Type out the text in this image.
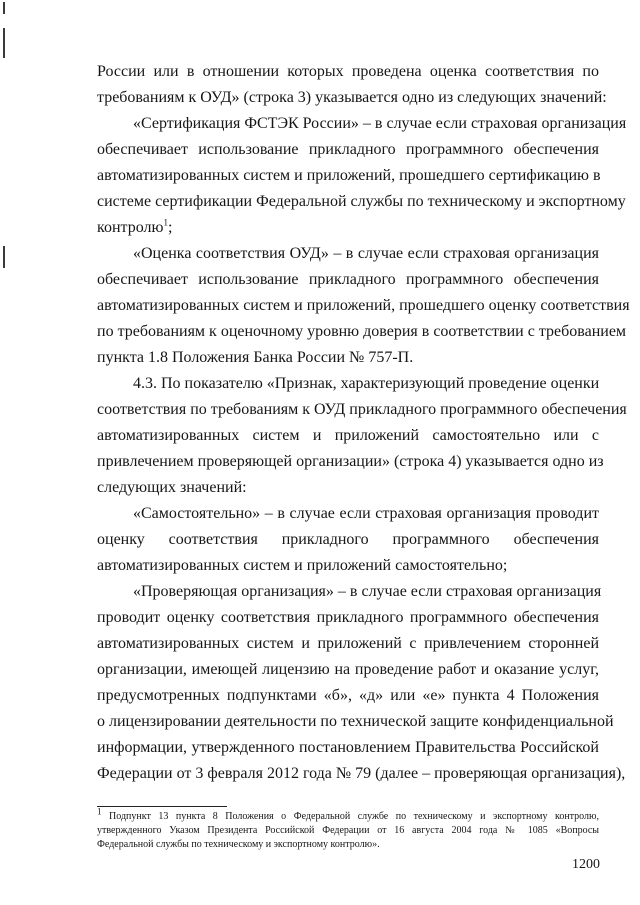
России или в отношении которых проведена оценка соответствия по
требованиям к ОУД» (строка 3) указывается одно из следующих значений:
«Сертификация ФСТЭК России» – в случае если страховая организация
обеспечивает использование прикладного программного обеспечения
автоматизированных систем и приложений, прошедшего сертификацию в
системе сертификации Федеральной службы по техническому и экспортному
контролю$^1$;
«Оценка соответствия ОУД» – в случае если страховая организация
обеспечивает использование прикладного программного обеспечения
автоматизированных систем и приложений, прошедшего оценку соответствия
по требованиям к оценочному уровню доверия в соответствии с требованием
пункта 1.8 Положения Банка России № 757-П.
4.3. По показателю «Признак, характеризующий проведение оценки
соответствия по требованиям к ОУД прикладного программного обеспечения
автоматизированных систем и приложений самостоятельно или с
привлечением проверяющей организации» (строка 4) указывается одно из
следующих значений:
«Самостоятельно» – в случае если страховая организация проводит
оценку соответствия прикладного программного обеспечения
автоматизированных систем и приложений самостоятельно;
«Проверяющая организация» – в случае если страховая организация
проводит оценку соответствия прикладного программного обеспечения
автоматизированных систем и приложений с привлечением сторонней
организации, имеющей лицензию на проведение работ и оказание услуг,
предусмотренных подпунктами «б», «д» или «е» пункта 4 Положения
о лицензировании деятельности по технической защите конфиденциальной
информации, утвержденного постановлением Правительства Российской
Федерации от 3 февраля 2012 года № 79 (далее – проверяющая организация),
$^1$ Подпункт 13 пункта 8 Положения о Федеральной службе по техническому и экспортному контролю,
утвержденного Указом Президента Российской Федерации от 16 августа 2004 года № 1085 «Вопросы
Федеральной службы по техническому и экспортному контролю».
1200
